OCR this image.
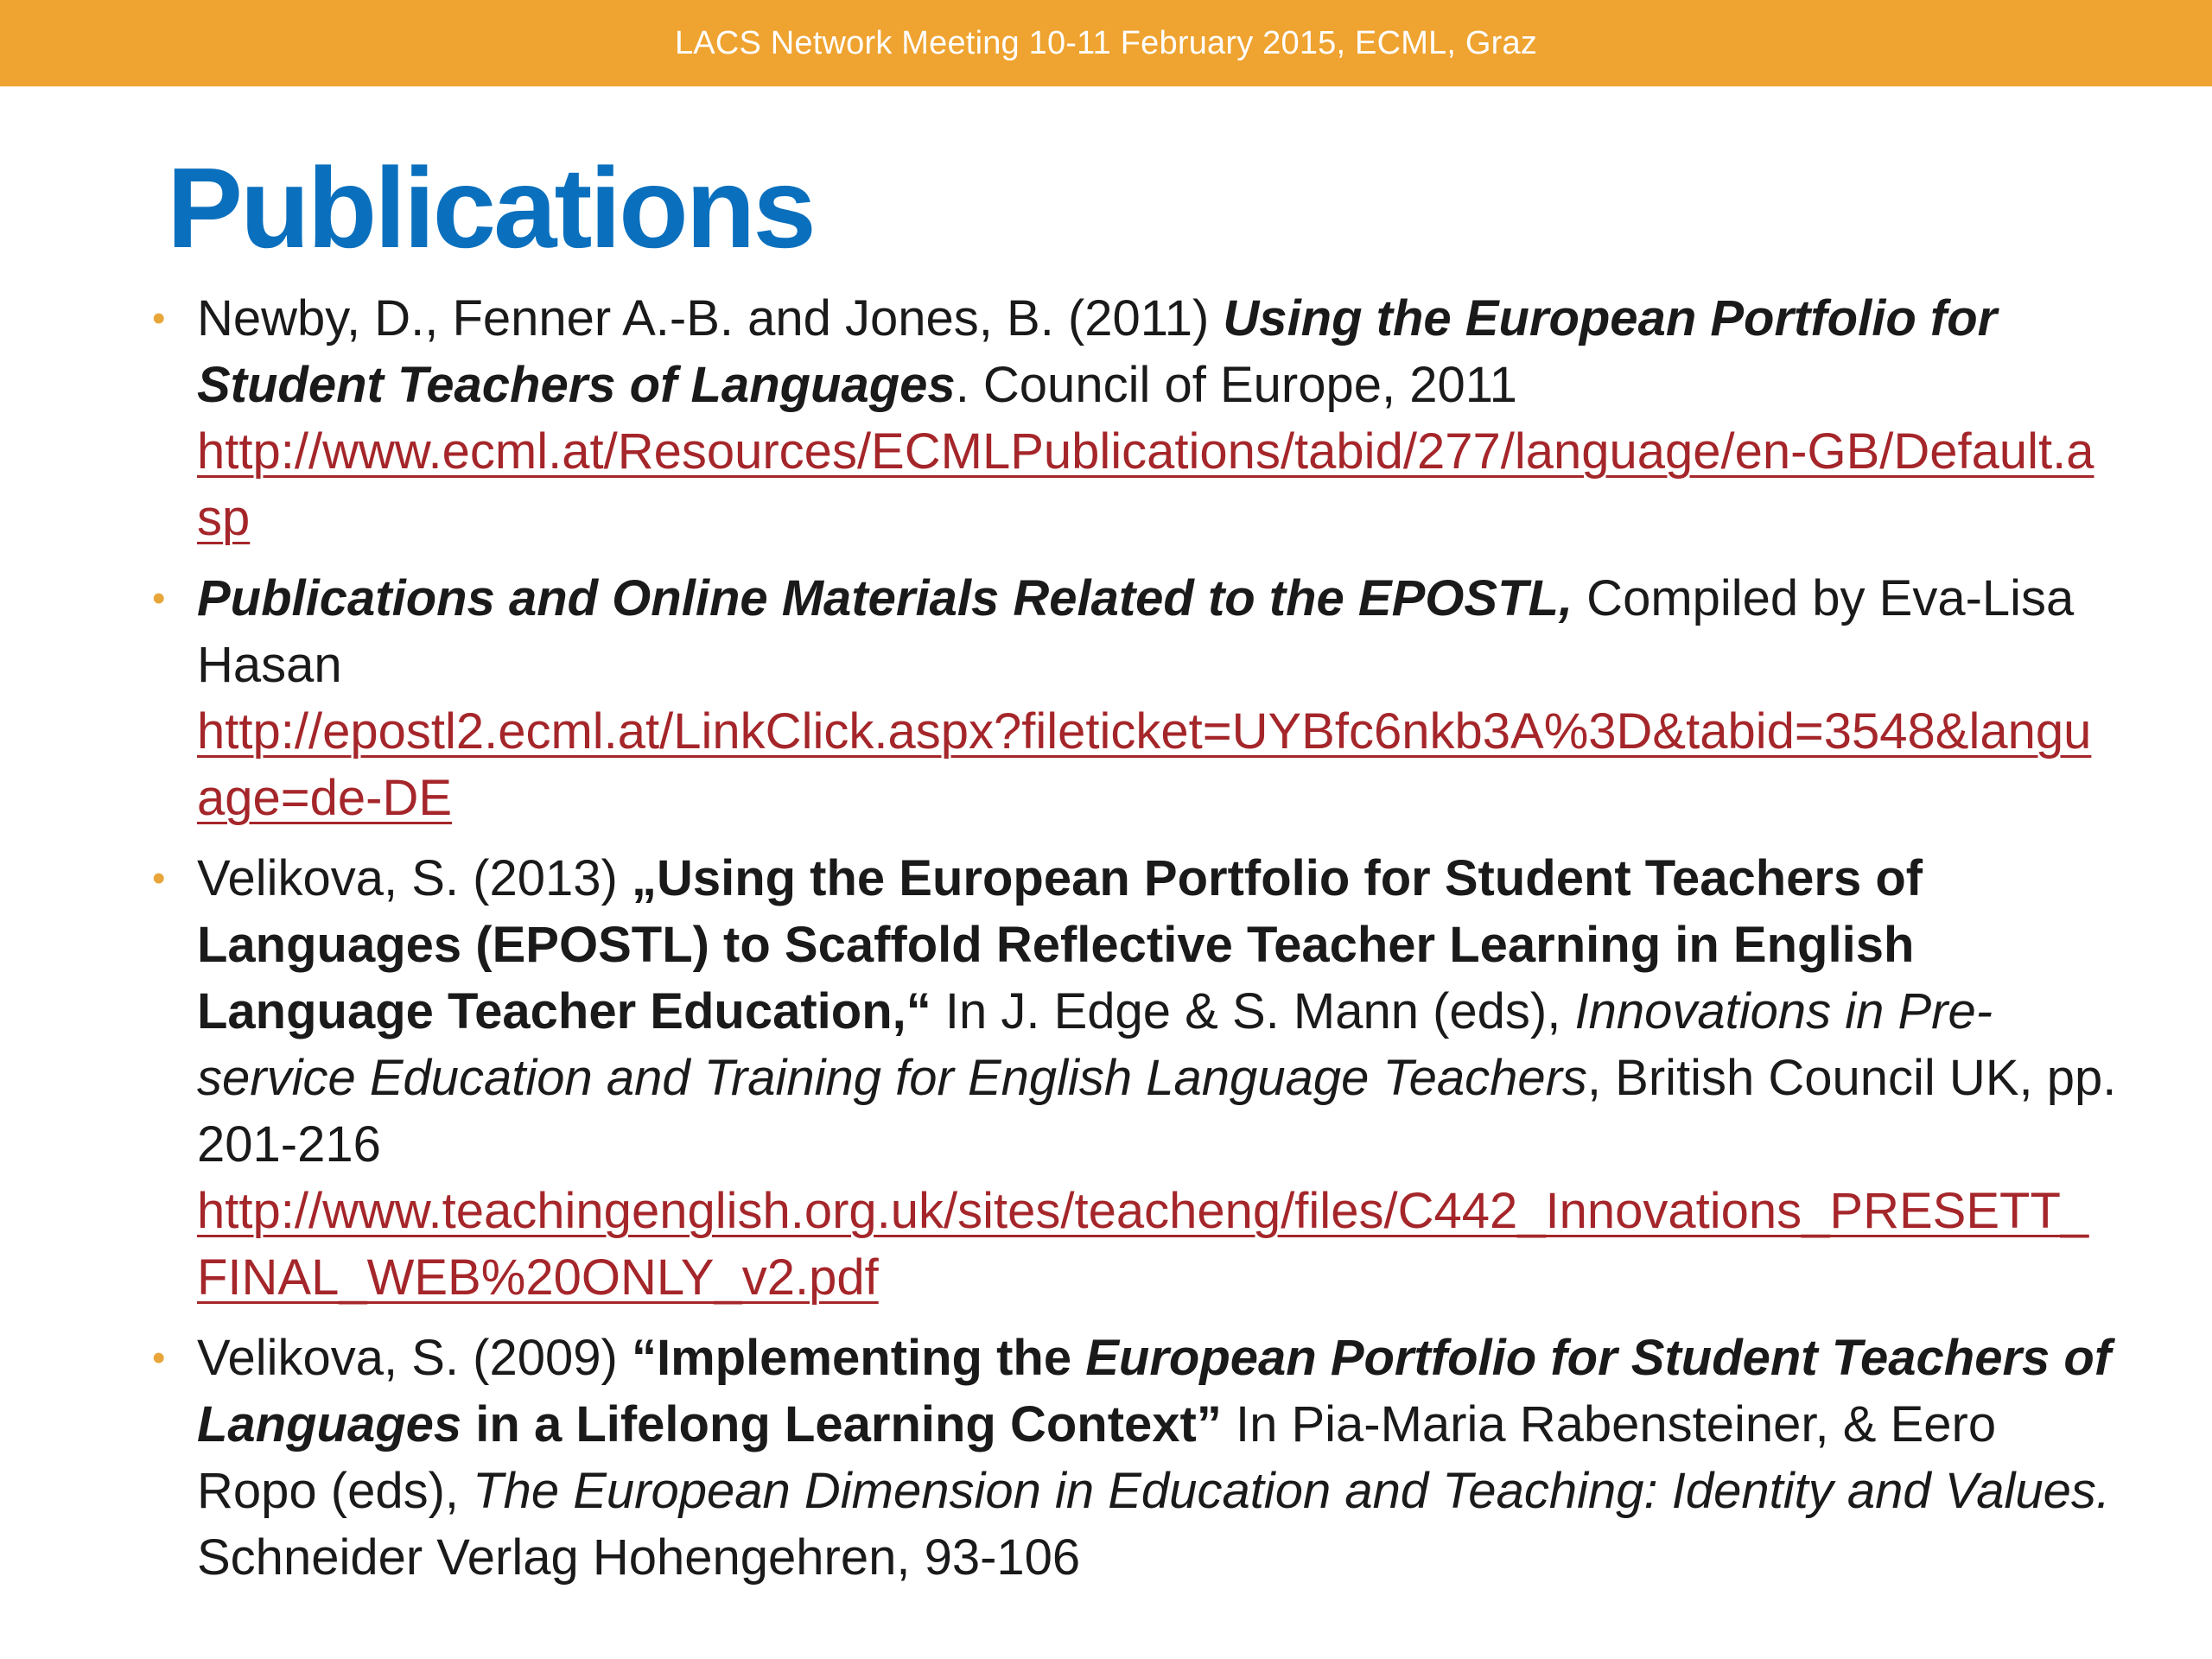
LACS Network Meeting 10-11 February 2015, ECML, Graz
Publications
• Newby, D., Fenner A.-B. and Jones, B. (2011) Using the European Portfolio for Student Teachers of Languages. Council of Europe, 2011
http://www.ecml.at/Resources/ECMLPublications/tabid/277/language/en-GB/Default.asp
• Publications and Online Materials Related to the EPOSTL, Compiled by Eva-Lisa Hasan
http://epostl2.ecml.at/LinkClick.aspx?fileticket=UYBfc6nkb3A%3D&tabid=3548&language=de-DE
• Velikova, S. (2013) „Using the European Portfolio for Student Teachers of Languages (EPOSTL) to Scaffold Reflective Teacher Learning in English Language Teacher Education,“ In J. Edge & S. Mann (eds), Innovations in Pre-service Education and Training for English Language Teachers, British Council UK, pp. 201-216
http://www.teachingenglish.org.uk/sites/teacheng/files/C442_Innovations_PRESETT_FINAL_WEB%20ONLY_v2.pdf
• Velikova, S. (2009) “Implementing the European Portfolio for Student Teachers of Languages in a Lifelong Learning Context” In Pia-Maria Rabensteiner, & Eero Ropo (eds), The European Dimension in Education and Teaching: Identity and Values. Schneider Verlag Hohengehren, 93-106
